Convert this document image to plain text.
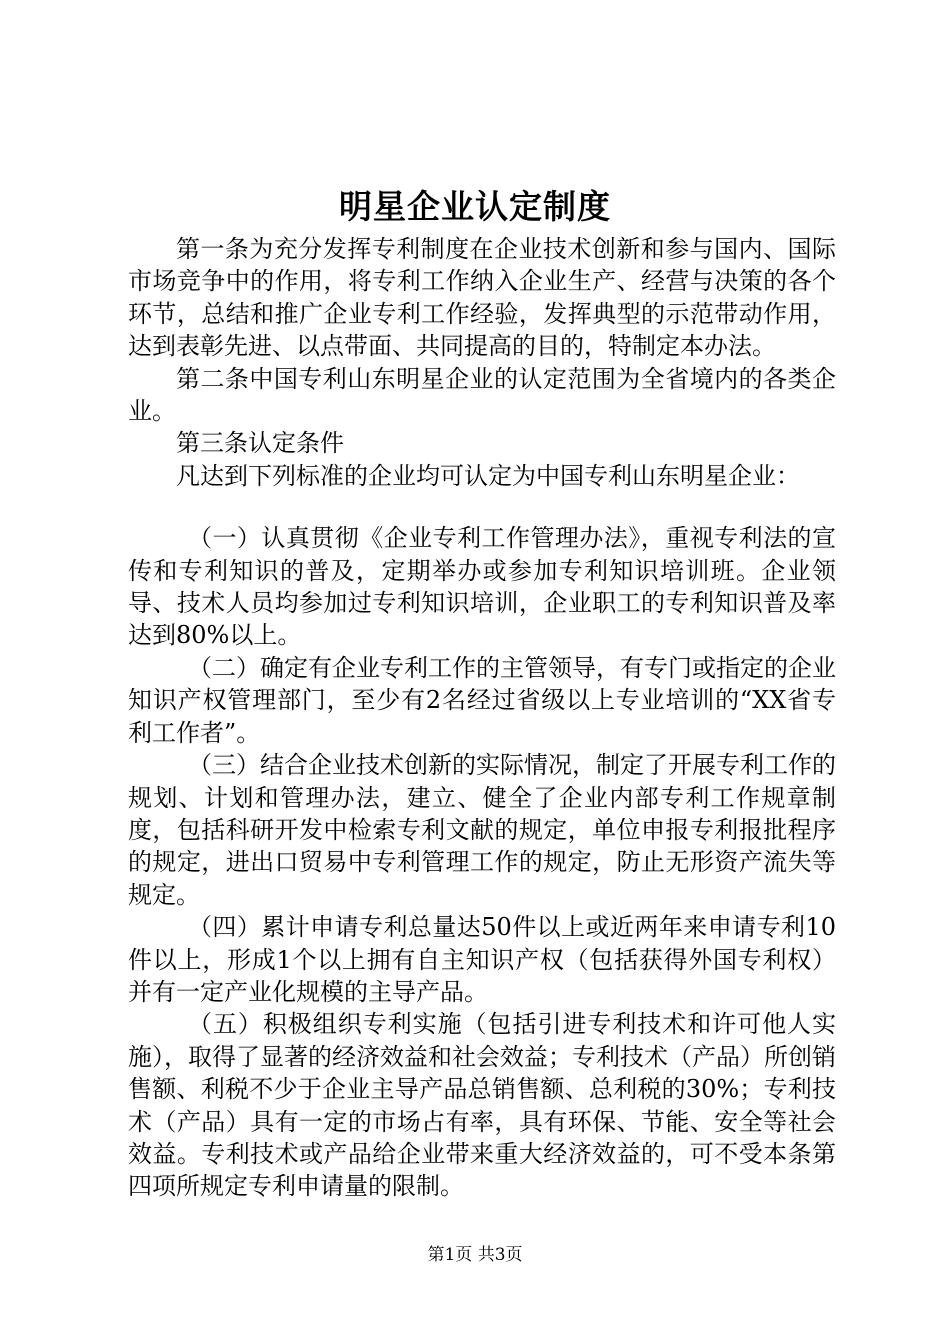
明星企业认定制度

第一条为充分发挥专利制度在企业技术创新和参与国内、国际市场竞争中的作用，将专利工作纳入企业生产、经营与决策的各个环节，总结和推广企业专利工作经验，发挥典型的示范带动作用，达到表彰先进、以点带面、共同提高的目的，特制定本办法。

第二条中国专利山东明星企业的认定范围为全省境内的各类企业。

第三条认定条件

凡达到下列标准的企业均可认定为中国专利山东明星企业：

（一）认真贯彻《企业专利工作管理办法》，重视专利法的宣传和专利知识的普及，定期举办或参加专利知识培训班。企业领导、技术人员均参加过专利知识培训，企业职工的专利知识普及率达到80%以上。

（二）确定有企业专利工作的主管领导，有专门或指定的企业知识产权管理部门，至少有2名经过省级以上专业培训的“XX省专利工作者”。

（三）结合企业技术创新的实际情况，制定了开展专利工作的规划、计划和管理办法，建立、健全了企业内部专利工作规章制度，包括科研开发中检索专利文献的规定，单位申报专利报批程序的规定，进出口贸易中专利管理工作的规定，防止无形资产流失等规定。

（四）累计申请专利总量达50件以上或近两年来申请专利10件以上，形成1个以上拥有自主知识产权（包括获得外国专利权）并有一定产业化规模的主导产品。

（五）积极组织专利实施（包括引进专利技术和许可他人实施），取得了显著的经济效益和社会效益；专利技术（产品）所创销售额、利税不少于企业主导产品总销售额、总利税的30%；专利技术（产品）具有一定的市场占有率，具有环保、节能、安全等社会效益。专利技术或产品给企业带来重大经济效益的，可不受本条第四项所规定专利申请量的限制。

第1页 共3页
